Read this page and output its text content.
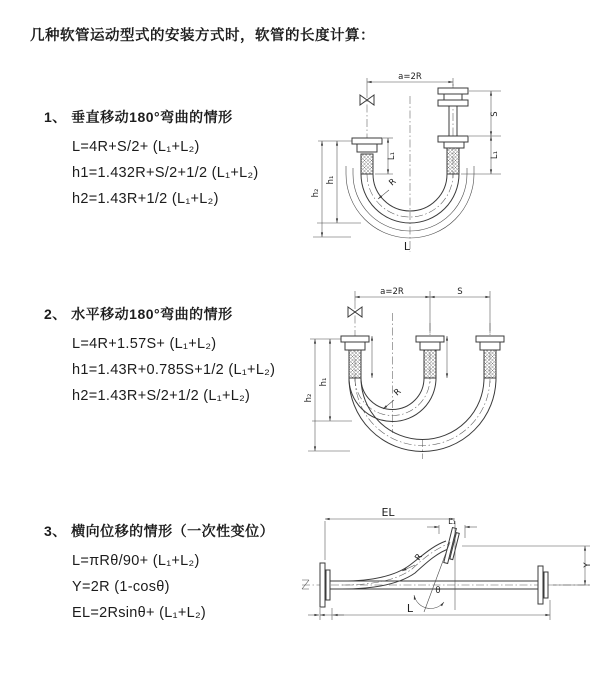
几种软管运动型式的安装方式时，软管的长度计算：
1、 垂直移动180°弯曲的情形
L=4R+S/2+ (L₁+L₂)
h1=1.432R+S/2+1/2 (L₁+L₂)
h2=1.43R+1/2 (L₁+L₂)
2、 水平移动180°弯曲的情形
L=4R+1.57S+ (L₁+L₂)
h1=1.43R+0.785S+1/2 (L₁+L₂)
h2=1.43R+S/2+1/2 (L₁+L₂)
3、 横向位移的情形（一次性变位）
L=πRθ/90+ (L₁+L₂)
Y=2R (1-cosθ)
EL=2Rsinθ+ (L₁+L₂)
a=2R
S
L₁
L₁
h₁
h₂
R
L
a=2R	S
h₁
h₂	R
EL
L₁
Y
θ
R
L
